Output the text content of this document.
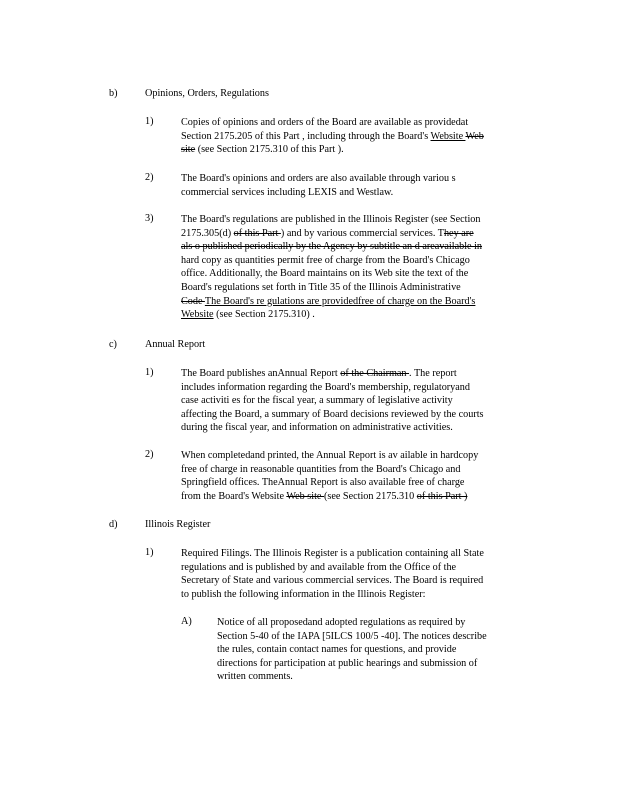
b)	Opinions, Orders, Regulations
1)	Copies of opinions and orders of the Board are available as providedat
Section 2175.205 of this Part , including through the Board's Website Web
site (see Section 2175.310 of this Part ).
2)	The Board's opinions and orders are also available through variou s
commercial services including LEXIS and Westlaw.
3)	The Board's regulations are published in the Illinois Register (see Section
2175.305(d) of this Part ) and by various commercial services. They are
als o published periodically by the Agency by subtitle an d areavailable in
hard copy as quantities permit free of charge from the Board's Chicago
office. Additionally, the Board maintains on its Web site the text of the
Board's regulations set forth in Title 35 of the Illinois Administrative
Code The Board's re gulations are providedfree of charge on the Board's
Website (see Section 2175.310) .
c)	Annual Report
1)	The Board publishes anAnnual Report of the Chairman . The report
includes information regarding the Board's membership, regulatoryand
case activiti es for the fiscal year, a summary of legislative activity
affecting the Board, a summary of Board decisions reviewed by the courts
during the fiscal year, and information on administrative activities.
2)	When completedand printed, the Annual Report is av ailable in hardcopy
free of charge in reasonable quantities from the Board's Chicago and
Springfield offices. TheAnnual Report is also available free of charge
from the Board's Website Web site (see Section 2175.310 of this Part )
d)	Illinois Register
1)	Required Filings. The Illinois Register is a publication containing all State
regulations and is published by and available from the Office of the
Secretary of State and various commercial services. The Board is required
to publish the following information in the Illinois Register:
A) Notice of all proposedand adopted regulations as required by
Section 5-40 of the IAPA [5ILCS 100/5 -40]. The notices describe
the rules, contain contact names for questions, and provide
directions for participation at public hearings and submission of
written comments.
